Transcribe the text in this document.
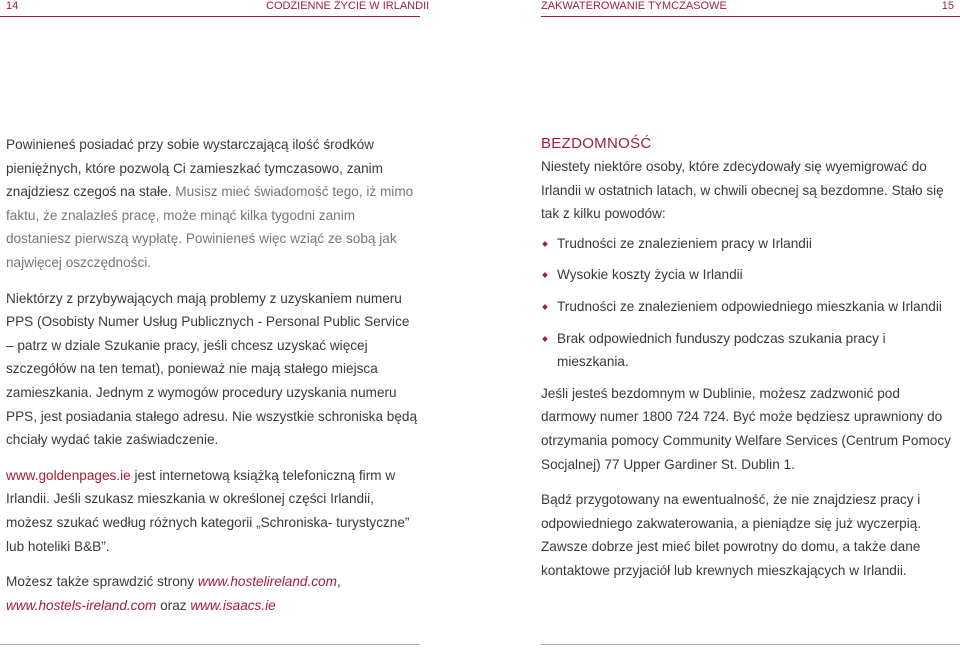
14	CODZIENNE ŻYCIE W IRLANDII	ZAKWATEROWANIE TYMCZASOWE	15

Powinieneś posiadać przy sobie wystarczającą ilość środków pieniężnych, które pozwolą Ci zamieszkać tymczasowo, zanim znajdziesz czegoś na stałe. Musisz mieć świadomość tego, iż mimo faktu, że znalazłeś pracę, może minąć kilka tygodni zanim dostaniesz pierwszą wypłatę. Powinieneś więc wziąć ze sobą jak najwięcej oszczędności.

Niektórzy z przybywających mają problemy z uzyskaniem numeru PPS (Osobisty Numer Usług Publicznych - Personal Public Service – patrz w dziale Szukanie pracy, jeśli chcesz uzyskać więcej szczegółów na ten temat), ponieważ nie mają stałego miejsca zamieszkania. Jednym z wymogów procedury uzyskania numeru PPS, jest posiadania stałego adresu. Nie wszystkie schroniska będą chciały wydać takie zaświadczenie.

www.goldenpages.ie jest internetową książką telefoniczną firm w Irlandii. Jeśli szukasz mieszkania w określonej części Irlandii, możesz szukać według różnych kategorii „Schroniska- turystyczne” lub hoteliki B&B”.

Możesz także sprawdzić strony www.hostelireland.com, www.hostels-ireland.com oraz www.isaacs.ie

BEZDOMNOŚĆ

Niestety niektóre osoby, które zdecydowały się wyemigrować do Irlandii w ostatnich latach, w chwili obecnej są bezdomne. Stało się tak z kilku powodów:

Trudności ze znalezieniem pracy w Irlandii
Wysokie koszty życia w Irlandii
Trudności ze znalezieniem odpowiedniego mieszkania w Irlandii
Brak odpowiednich funduszy podczas szukania pracy i mieszkania.

Jeśli jesteś bezdomnym w Dublinie, możesz zadzwonić pod darmowy numer 1800 724 724. Być może będziesz uprawniony do otrzymania pomocy Community Welfare Services (Centrum Pomocy Socjalnej) 77 Upper Gardiner St. Dublin 1.

Bądź przygotowany na ewentualność, że nie znajdziesz pracy i odpowiedniego zakwaterowania, a pieniądze się już wyczerpią. Zawsze dobrze jest mieć bilet powrotny do domu, a także dane kontaktowe przyjaciół lub krewnych mieszkających w Irlandii.
